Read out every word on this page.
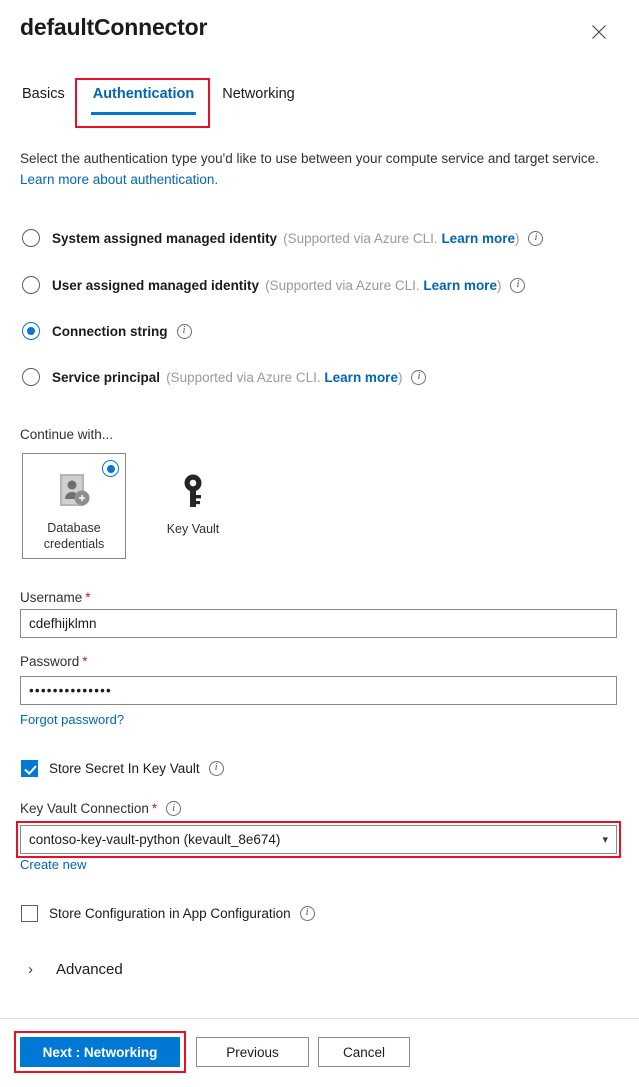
defaultConnector
Basics Authentication Networking
Select the authentication type you'd like to use between your compute service and target service. Learn more about authentication.
System assigned managed identity (Supported via Azure CLI. Learn more)	i
User assigned managed identity (Supported via Azure CLI. Learn more)	i
Connection string	i
Service principal (Supported via Azure CLI. Learn more)	i
Continue with...
Database
credentials
Key Vault
Username *
cdefhijklmn
Password *
••••••••••••••
Forgot password?
Store Secret In Key Vault	i
Key Vault Connection *	i
contoso-key-vault-python (kevault_8e674)	▾
Create new
Store Configuration in App Configuration	i
›	Advanced
Next : Networking	Previous	Cancel
